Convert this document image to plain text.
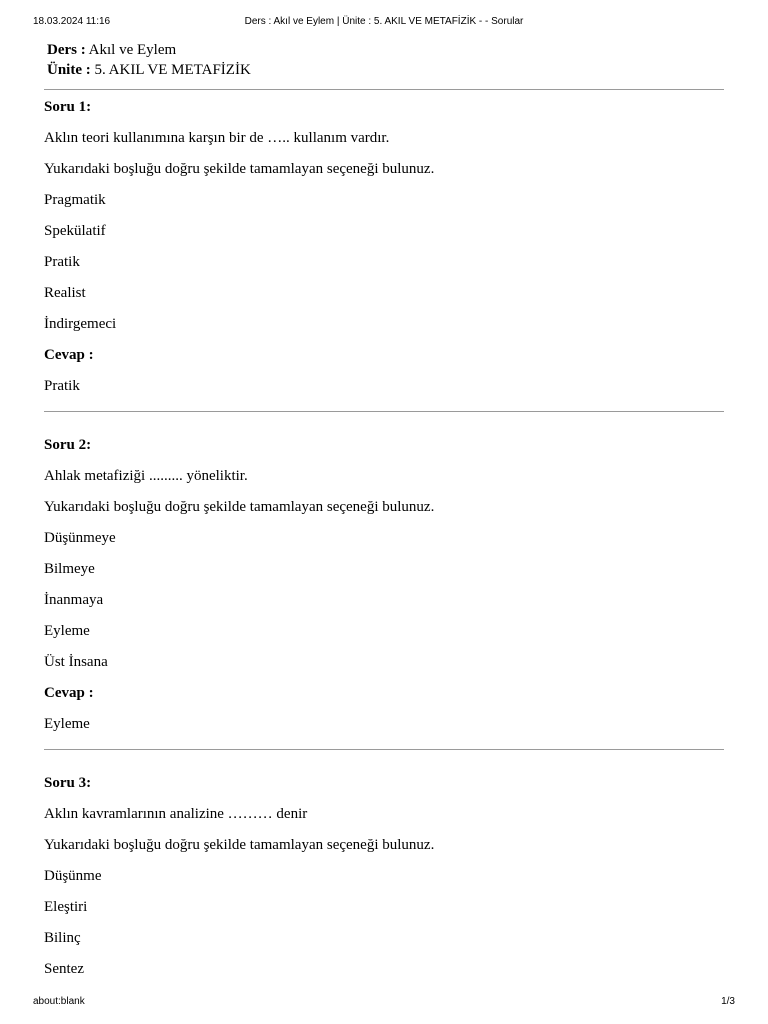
18.03.2024 11:16	Ders : Akıl ve Eylem | Ünite : 5. AKIL VE METAFİZİK - - Sorular
Ders : Akıl ve Eylem
Ünite : 5. AKIL VE METAFİZİK
Soru 1:
Aklın teori kullanımına karşın bir de ….. kullanım vardır.
Yukarıdaki boşluğu doğru şekilde tamamlayan seçeneği bulunuz.
Pragmatik
Spekülatif
Pratik
Realist
İndirgemeci
Cevap :
Pratik
Soru 2:
Ahlak metafiziği ......... yöneliktir.
Yukarıdaki boşluğu doğru şekilde tamamlayan seçeneği bulunuz.
Düşünmeye
Bilmeye
İnanmaya
Eyleme
Üst İnsana
Cevap :
Eyleme
Soru 3:
Aklın kavramlarının analizine ……… denir
Yukarıdaki boşluğu doğru şekilde tamamlayan seçeneği bulunuz.
Düşünme
Eleştiri
Bilinç
Sentez
about:blank	1/3
